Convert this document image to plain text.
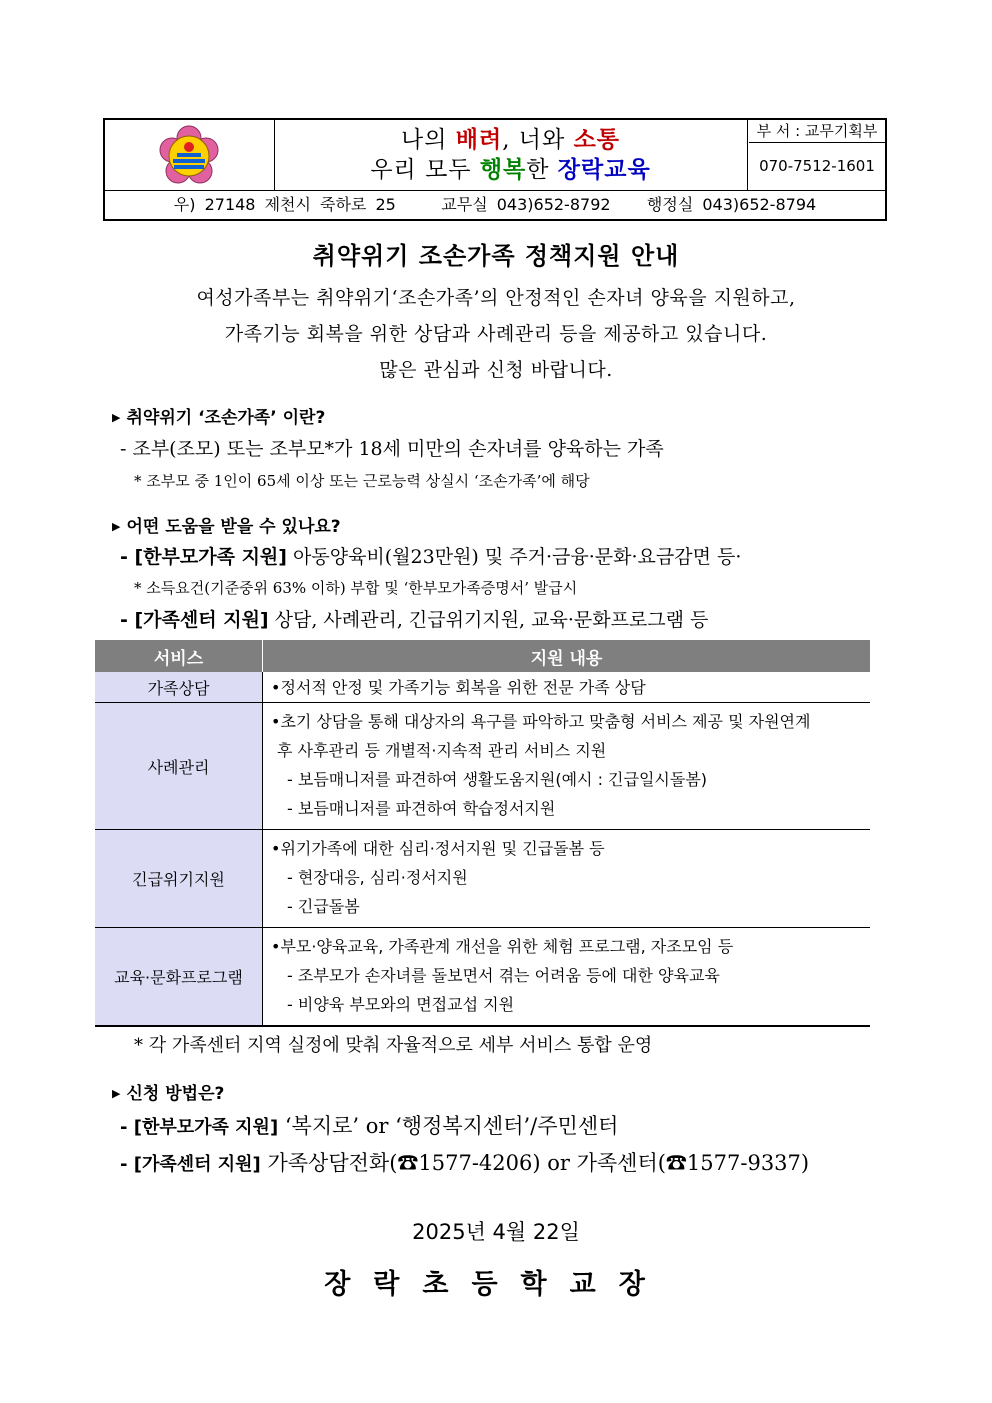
나의 배려, 너와 소통
우리 모두 행복한 장락교육
부 서 : 교무기획부
070-7512-1601
우) 27148 제천시 죽하로 25	교무실 043)652-8792 행정실 043)652-8794
취약위기 조손가족 정책지원 안내
여성가족부는 취약위기‘조손가족’의 안정적인 손자녀 양육을 지원하고,
가족기능 회복을 위한 상담과 사례관리 등을 제공하고 있습니다.
많은 관심과 신청 바랍니다.
▶ 취약위기 ‘조손가족’ 이란?
- 조부(조모) 또는 조부모*가 18세 미만의 손자녀를 양육하는 가족
* 조부모 중 1인이 65세 이상 또는 근로능력 상실시 ‘조손가족’에 해당
▶ 어떤 도움을 받을 수 있나요?
- [한부모가족 지원] 아동양육비(월23만원) 및 주거·금융·문화·요금감면 등·
* 소득요건(기준중위 63% 이하) 부합 및 ‘한부모가족증명서’ 발급시
- [가족센터 지원] 상담, 사례관리, 긴급위기지원, 교육·문화프로그램 등
서비스	지원 내용
가족상담	•정서적 안정 및 가족기능 회복을 위한 전문 가족 상담

사례관리	•초기 상담을 통해 대상자의 욕구를 파악하고 맞춤형 서비스 제공 및 자원연계
후 사후관리 등 개별적·지속적 관리 서비스 지원
- 보듬매니저를 파견하여 생활도움지원(예시 : 긴급일시돌봄)
- 보듬매니저를 파견하여 학습정서지원

긴급위기지원	•위기가족에 대한 심리·정서지원 및 긴급돌봄 등
- 현장대응, 심리·정서지원
- 긴급돌봄

교육·문화프로그램	•부모·양육교육, 가족관계 개선을 위한 체험 프로그램, 자조모임 등
- 조부모가 손자녀를 돌보면서 겪는 어려움 등에 대한 양육교육
- 비양육 부모와의 면접교섭 지원
* 각 가족센터 지역 실정에 맞춰 자율적으로 세부 서비스 통합 운영
▶ 신청 방법은?
- [한부모가족 지원] ‘복지로’ or ‘행정복지센터’/주민센터
- [가족센터 지원] 가족상담전화(☎1577-4206) or 가족센터(☎1577-9337)
2025년 4월 22일
장락초등학교장
